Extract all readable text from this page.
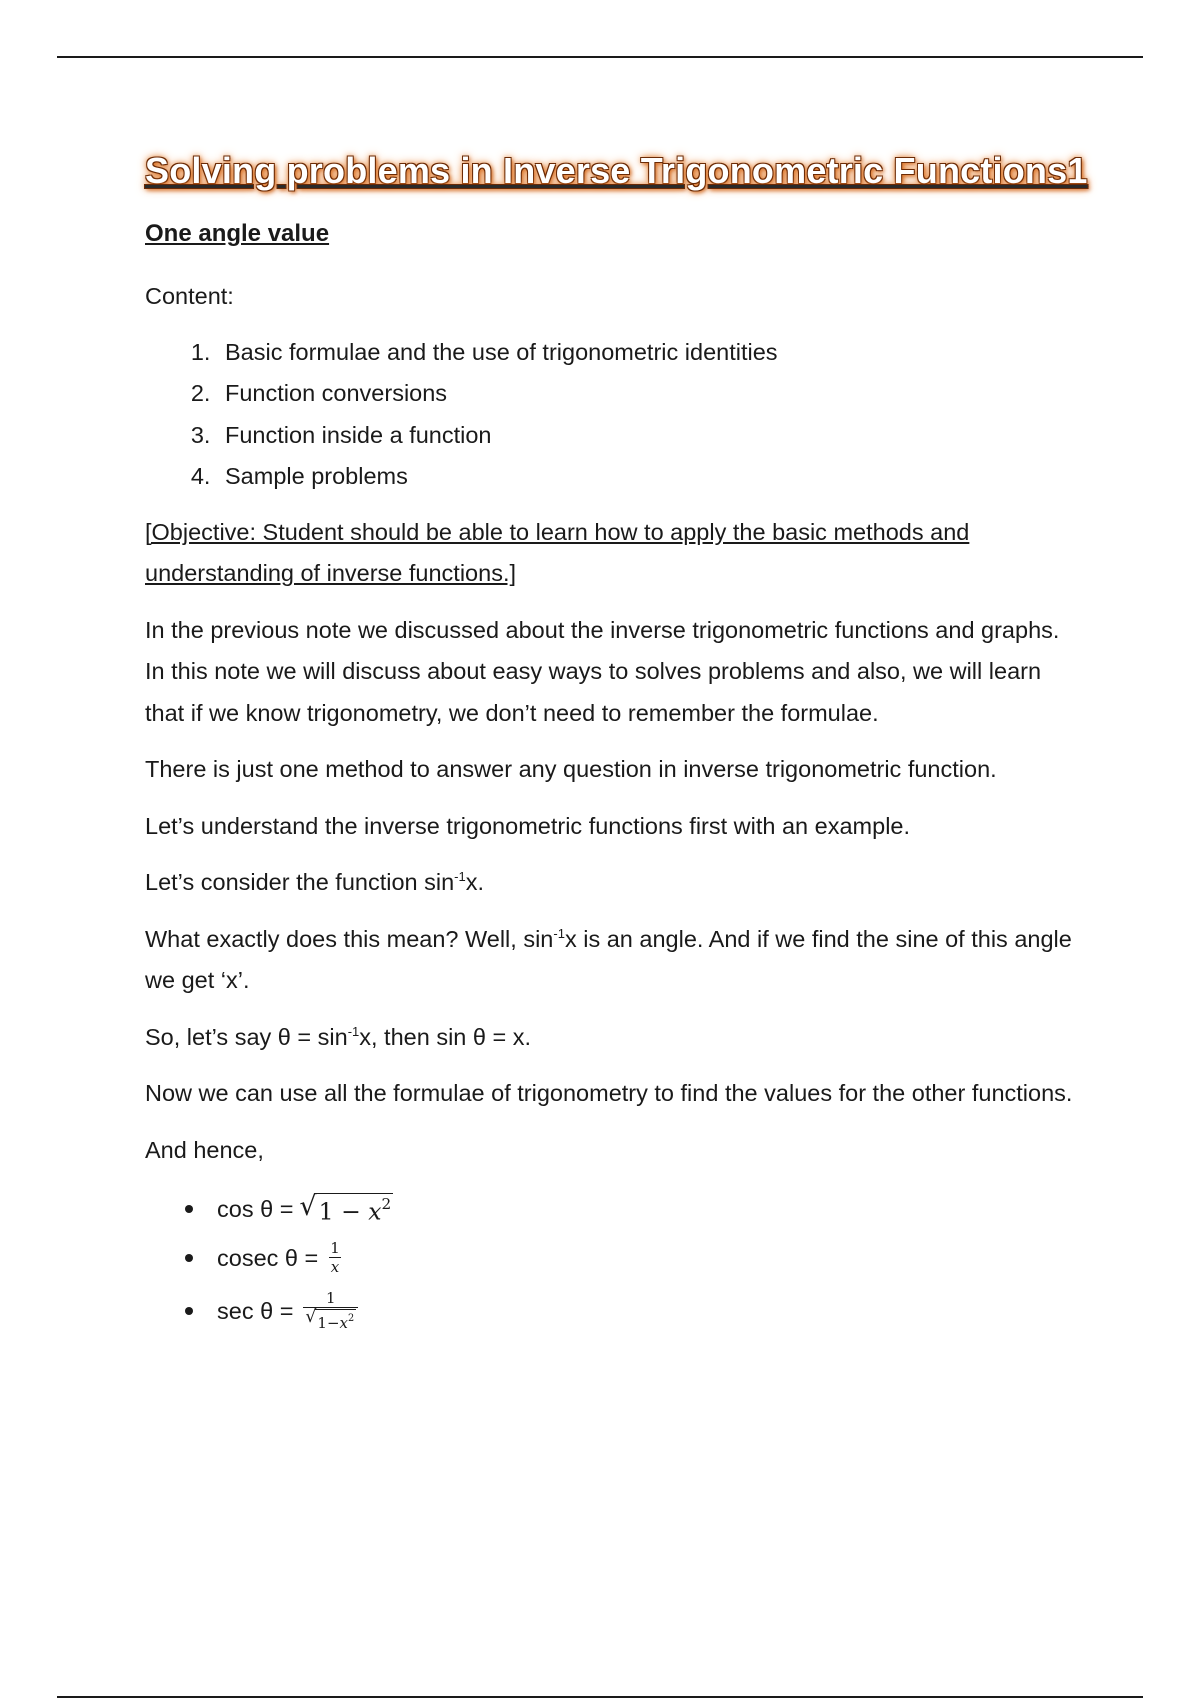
Solving problems in Inverse Trigonometric Functions1
One angle value

Content:

1. Basic formulae and the use of trigonometric identities
2. Function conversions
3. Function inside a function
4. Sample problems

[Objective: Student should be able to learn how to apply the basic methods and understanding of inverse functions.]

In the previous note we discussed about the inverse trigonometric functions and graphs. In this note we will discuss about easy ways to solves problems and also, we will learn that if we know trigonometry, we don’t need to remember the formulae.

There is just one method to answer any question in inverse trigonometric function.

Let’s understand the inverse trigonometric functions first with an example.

Let’s consider the function $\sin^{-1}x$.

What exactly does this mean? Well, $\sin^{-1}x$ is an angle. And if we find the sine of this angle we get ‘x’.

So, let’s say $\theta = \sin^{-1}x$, then sin θ = x.

Now we can use all the formulae of trigonometry to find the values for the other functions.

And hence,

cos θ = √ $1 - x^2$
cosec $\theta = \frac{1}{x}$
$\sec \theta = \frac{1}{√ 1-x^2}$
